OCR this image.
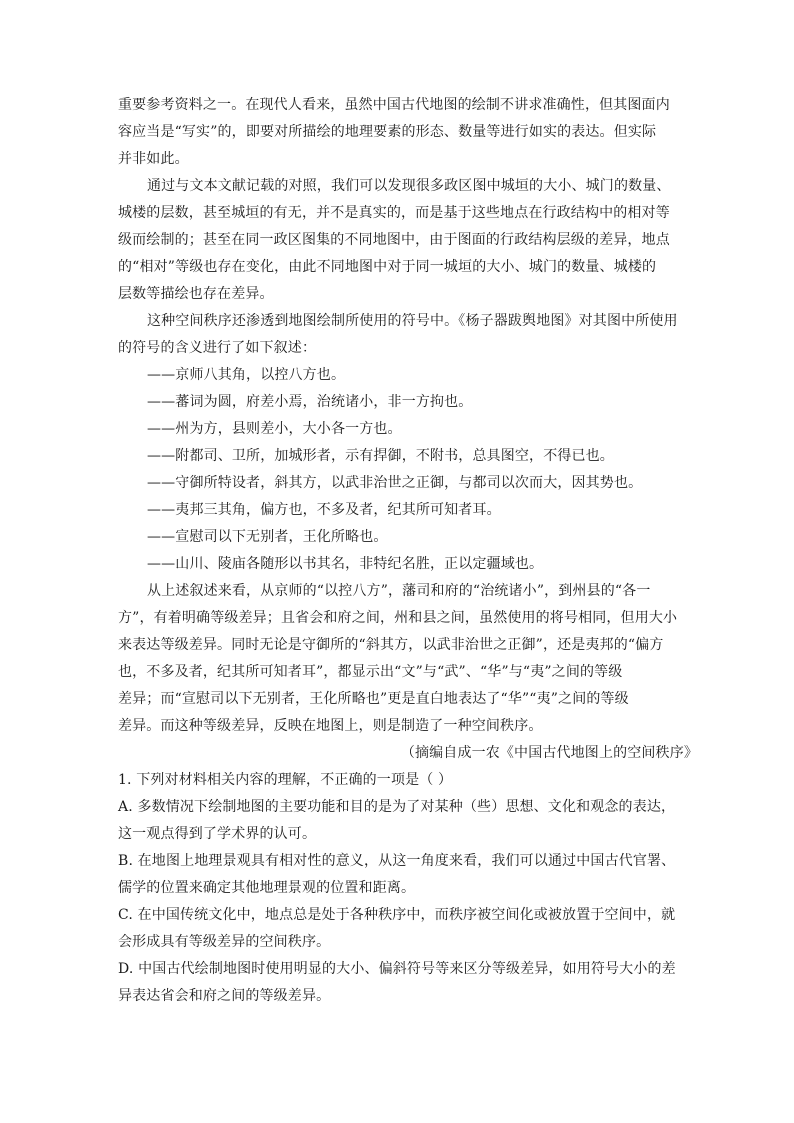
重要参考资料之一。在现代人看来，虽然中国古代地图的绘制不讲求准确性，但其图面内
容应当是“写实”的，即要对所描绘的地理要素的形态、数量等进行如实的表达。但实际
并非如此。
通过与文本文献记载的对照，我们可以发现很多政区图中城垣的大小、城门的数量、
城楼的层数，甚至城垣的有无，并不是真实的，而是基于这些地点在行政结构中的相对等
级而绘制的；甚至在同一政区图集的不同地图中，由于图面的行政结构层级的差异，地点
的“相对”等级也存在变化，由此不同地图中对于同一城垣的大小、城门的数量、城楼的
层数等描绘也存在差异。
这种空间秩序还渗透到地图绘制所使用的符号中。《杨子器跋舆地图》对其图中所使用
的符号的含义进行了如下叙述：
——京师八其角，以控八方也。
——蕃词为圆，府差小焉，治统诸小，非一方拘也。
——州为方，县则差小，大小各一方也。
——附都司、卫所，加城形者，示有捍御，不附书，总具图空，不得已也。
——守御所特设者，斜其方，以武非治世之正御，与都司以次而大，因其势也。
——夷邦三其角，偏方也，不多及者，纪其所可知者耳。
——宣慰司以下无别者，王化所略也。
——山川、陵庙各随形以书其名，非特纪名胜，正以定疆域也。
从上述叙述来看，从京师的“以控八方”，藩司和府的“治统诸小”，到州县的“各一
方”，有着明确等级差异；且省会和府之间，州和县之间，虽然使用的将号相同，但用大小
来表达等级差异。同时无论是守御所的“斜其方，以武非治世之正御”，还是夷邦的“偏方
也，不多及者，纪其所可知者耳”，都显示出“文”与“武”、“华”与“夷”之间的等级
差异；而“宣慰司以下无别者，王化所略也”更是直白地表达了“华”“夷”之间的等级
差异。而这种等级差异，反映在地图上，则是制造了一种空间秩序。
（摘编自成一农《中国古代地图上的空间秩序》
1. 下列对材料相关内容的理解，不正确的一项是（ ）
A. 多数情况下绘制地图的主要功能和目的是为了对某种（些）思想、文化和观念的表达，
这一观点得到了学术界的认可。
B. 在地图上地理景观具有相对性的意义，从这一角度来看，我们可以通过中国古代官署、
儒学的位置来确定其他地理景观的位置和距离。
C. 在中国传统文化中，地点总是处于各种秩序中，而秩序被空间化或被放置于空间中，就
会形成具有等级差异的空间秩序。
D. 中国古代绘制地图时使用明显的大小、偏斜符号等来区分等级差异，如用符号大小的差
异表达省会和府之间的等级差异。
